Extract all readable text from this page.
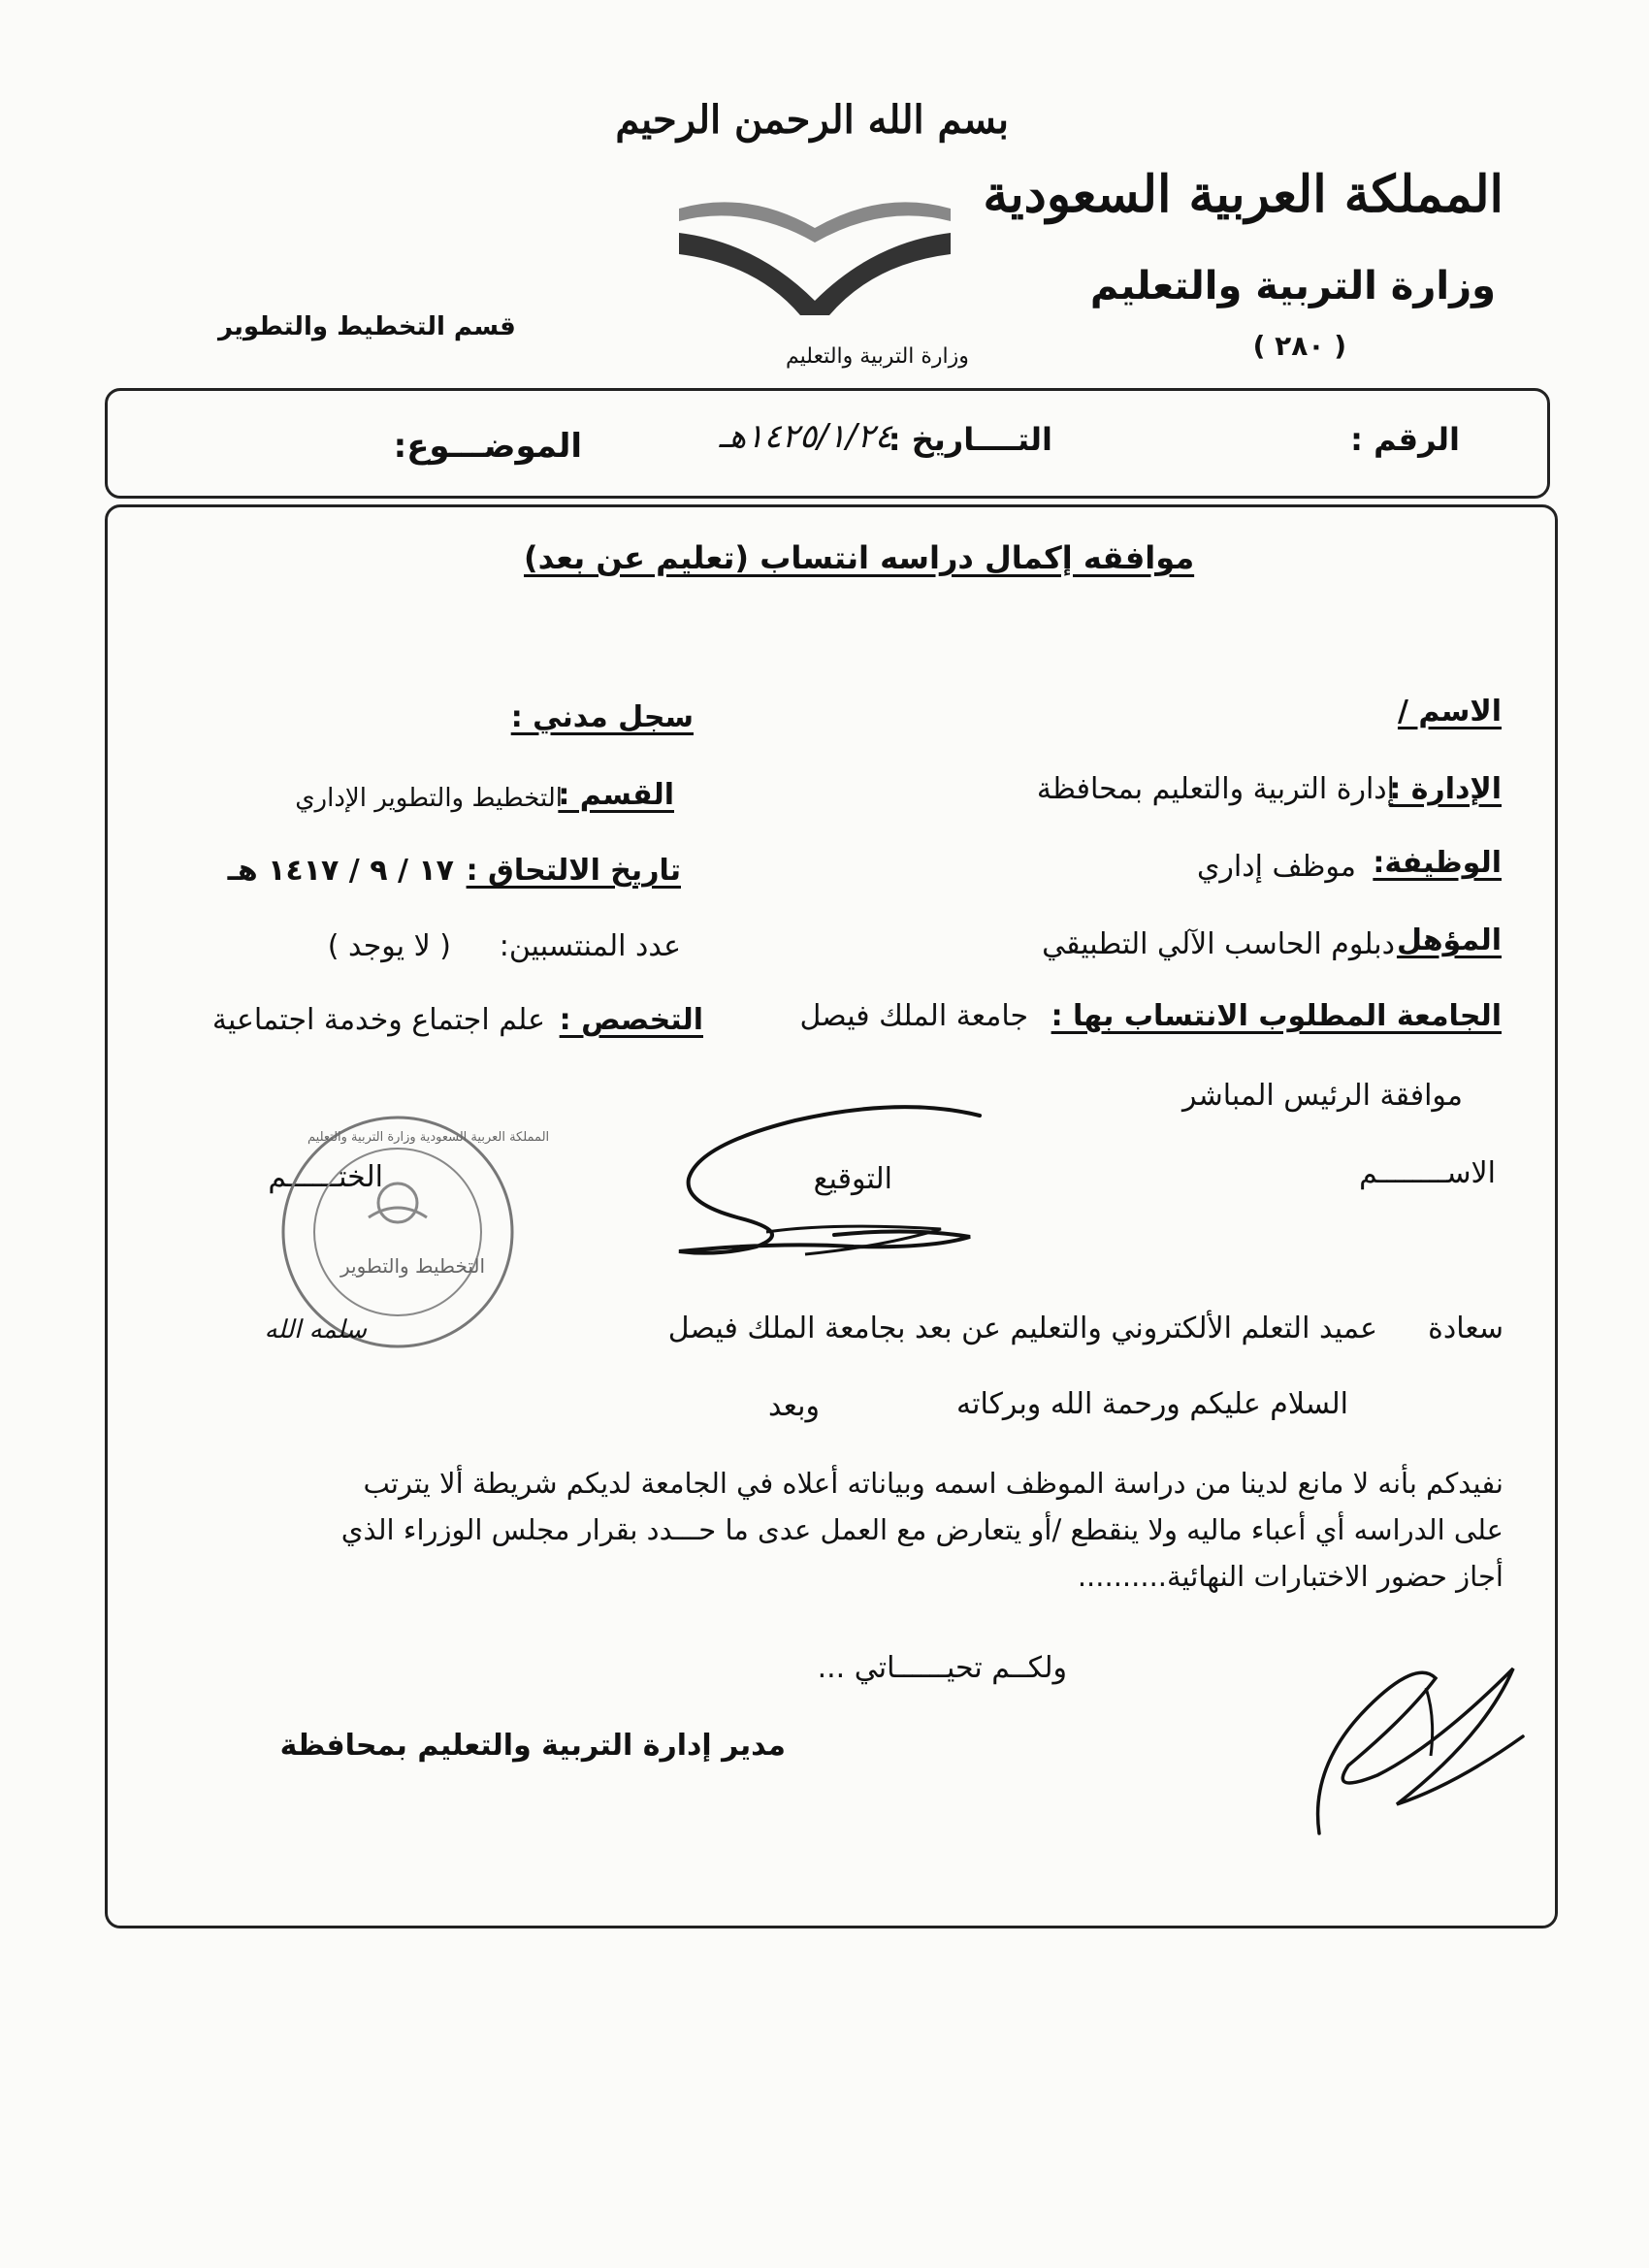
بسم الله الرحمن الرحيم
المملكة العربية السعودية
وزارة التربية والتعليم
( ٢٨٠ )
وزارة التربية والتعليم
قسم التخطيط والتطوير
الرقم :
التــــاريخ :
١٤٢٥/١/٢٤هـ
الموضـــوع:
موافقه إكمال دراسه انتساب (تعليم عن بعد)
الاسم /
سجل مدني :
الإدارة :
إدارة التربية والتعليم بمحافظة
القسم :
التخطيط والتطوير الإداري
الوظيفة:
موظف إداري
تاريخ الالتحاق :
١٧ / ٩ / ١٤١٧ هـ
المؤهل
دبلوم الحاسب الآلي التطبيقي
عدد المنتسبين:
( لا يوجد )
الجامعة المطلوب الانتساب بها :
جامعة الملك فيصل
التخصص :
علم اجتماع وخدمة اجتماعية
موافقة الرئيس المباشر
الاســــــــم
التوقيع
الختــــــم
المملكة العربية السعودية وزارة التربية والتعليم
التخطيط والتطوير
سعادة
عميد التعلم الألكتروني والتعليم عن بعد بجامعة الملك فيصل
سلمه الله
السلام عليكم ورحمة الله وبركاته
وبعد
نفيدكم بأنه لا مانع لدينا من دراسة الموظف اسمه وبياناته أعلاه في الجامعة لديكم شريطة ألا يترتب
على الدراسه أي أعباء ماليه ولا ينقطع /أو يتعارض مع العمل عدى ما حـــدد بقرار مجلس الوزراء الذي
أجاز حضور الاختبارات النهائية..........
ولكــم تحيــــــاتي ...
مدير إدارة التربية والتعليم بمحافظة
